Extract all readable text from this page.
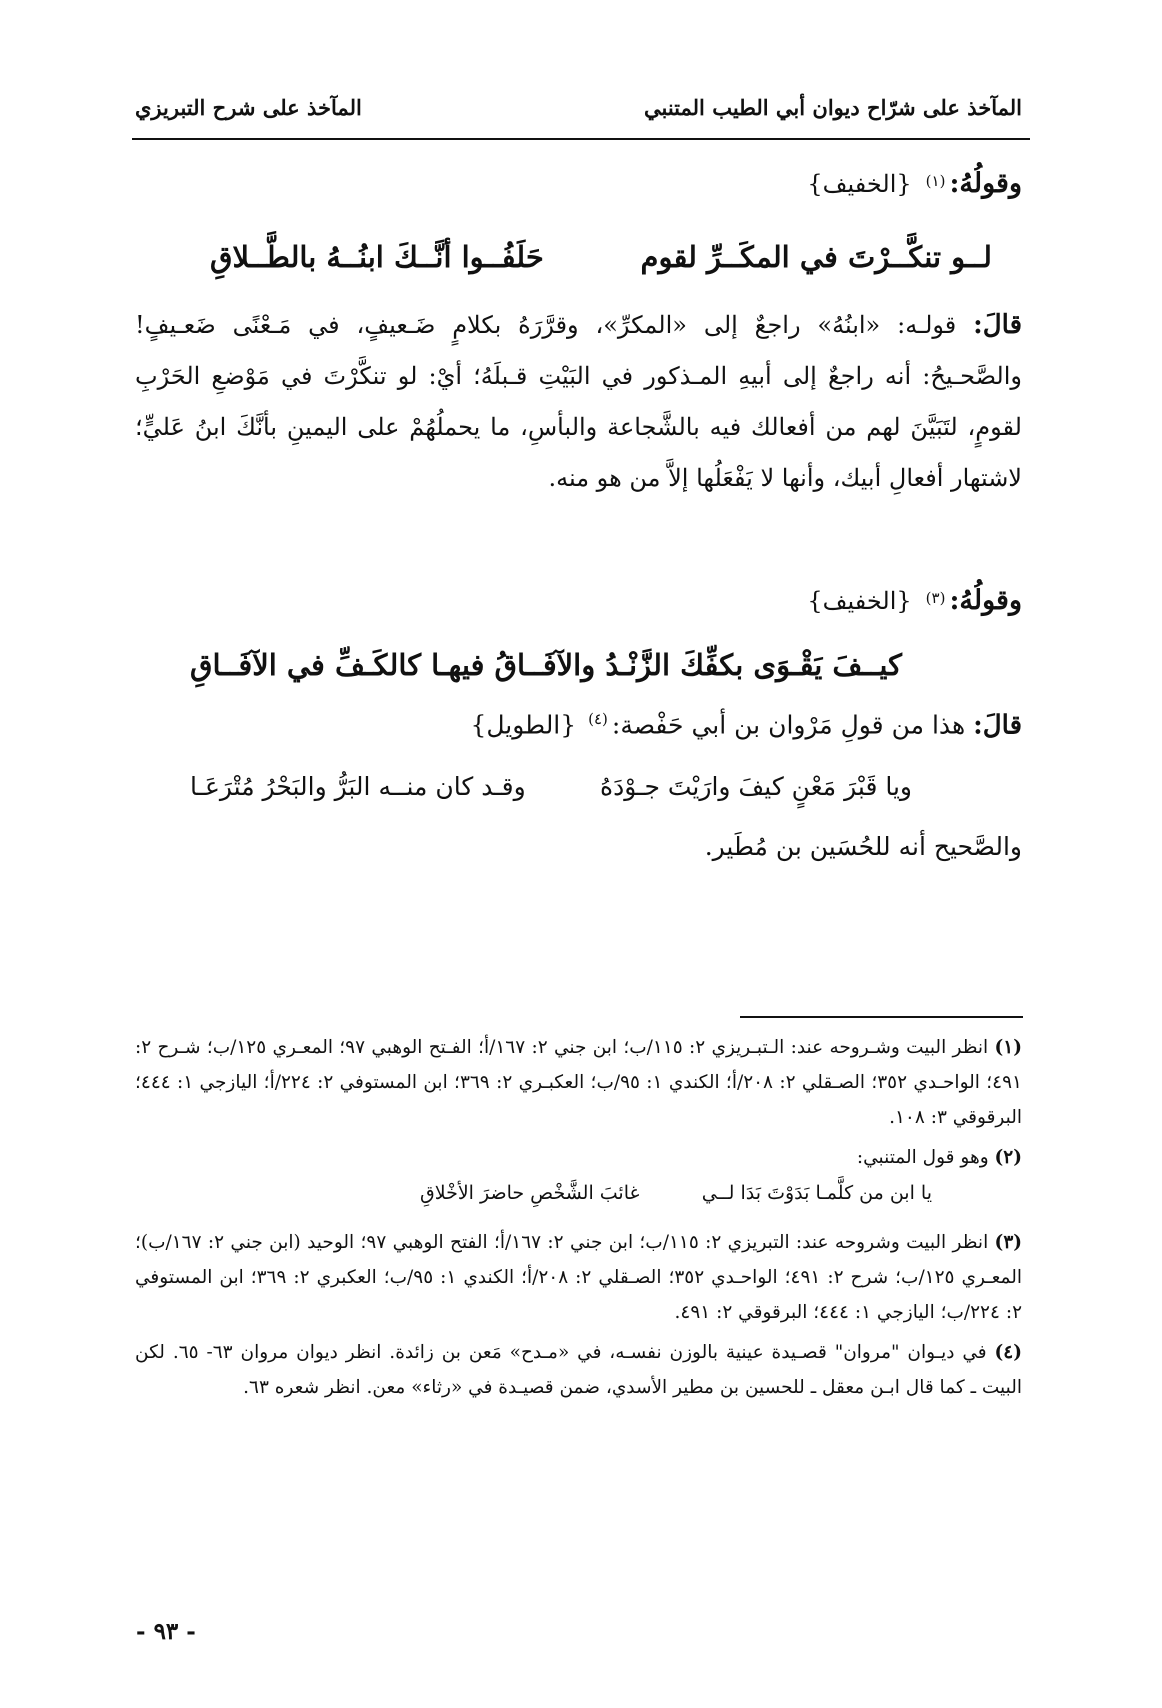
المآخذ على شرّاح ديوان أبي الطيب المتنبي
المآخذ على شرح التبريزي
وقولُهُ:(١){الخفيف}
لــو تنكَّــرْتَ في المكَــرِّ لقوم
حَلَفُــوا أنَّــكَ ابنُــهُ بالطَّــلاقِ
قالَ: قولـه: «ابنُهُ» راجعٌ إلى «المكرِّ»، وقرَّرَهُ بكلامٍ ضَـعيفٍ، في مَـعْنًى ضَعـيفٍ! والصَّحـيحُ: أنه راجعٌ إلى أبيهِ المـذكور في البَيْتِ قـبلَهُ؛ أيْ: لو تنكَّرْتَ في مَوْضعِ الحَرْبِ لقومٍ، لتَبَيَّنَ لهم من أفعالك فيه بالشَّجاعة والبأسِ، ما يحملُهُمْ على اليمينِ بأنَّكَ ابنُ عَليٍّ؛ لاشتهار أفعالِ أبيك، وأنها لا يَفْعَلُها إلاَّ من هو منه.
وقولُهُ:(٣){الخفيف}
كيــفَ يَقْـوَى بكفِّكَ الزَّنْـدُ والآ
فَــاقُ فيهـا كالكَـفِّ في الآفَــاقِ
قالَ: هذا من قولِ مَرْوان بن أبي حَفْصة:$^{(٤)}$ {الطويل}
ويا قَبْرَ مَعْنٍ كيفَ وارَيْتَ جـوْدَهُ
وقـد كان منــه البَرُّ والبَحْرُ مُتْرَعَـا
والصَّحيح أنه للحُسَين بن مُطَير.
(١) انظر البيت وشـروحه عند: الـتبـريزي ٢: ١١٥/ب؛ ابن جني ٢: ١٦٧/أ؛ الفـتح الوهبي ٩٧؛ المعـري ١٢٥/ب؛ شـرح ٢: ٤٩١؛ الواحـدي ٣٥٢؛ الصـقلي ٢: ٢٠٨/أ؛ الكندي ١: ٩٥/ب؛ العكبـري ٢: ٣٦٩؛ ابن المستوفي ٢: ٢٢٤/أ؛ اليازجي ١: ٤٤٤؛ البرقوقي ٣: ١٠٨.
(٢) وهو قول المتنبي:
يا ابن من كلَّمـا بَدَوْتَ بَدَا لــي
غائبَ الشَّخْصِ حاضرَ الأخْلاقِ
(٣) انظر البيت وشروحه عند: التبريزي ٢: ١١٥/ب؛ ابن جني ٢: ١٦٧/أ؛ الفتح الوهبي ٩٧؛ الوحيد (ابن جني ٢: ١٦٧/ب)؛ المعـري ١٢٥/ب؛ شرح ٢: ٤٩١؛ الواحـدي ٣٥٢؛ الصـقلي ٢: ٢٠٨/أ؛ الكندي ١: ٩٥/ب؛ العكبري ٢: ٣٦٩؛ ابن المستوفي ٢: ٢٢٤/ب؛ اليازجي ١: ٤٤٤؛ البرقوقي ٢: ٤٩١.
(٤) في ديـوان "مروان" قصـيدة عينية بالوزن نفسـه، في «مـدح» مَعن بن زائدة. انظر ديوان مروان ٦٣- ٦٥. لكن البيت ـ كما قال ابـن معقل ـ للحسين بن مطير الأسدي، ضمن قصيـدة في «رثاء» معن. انظر شعره ٦٣.
- ٩٣ -
